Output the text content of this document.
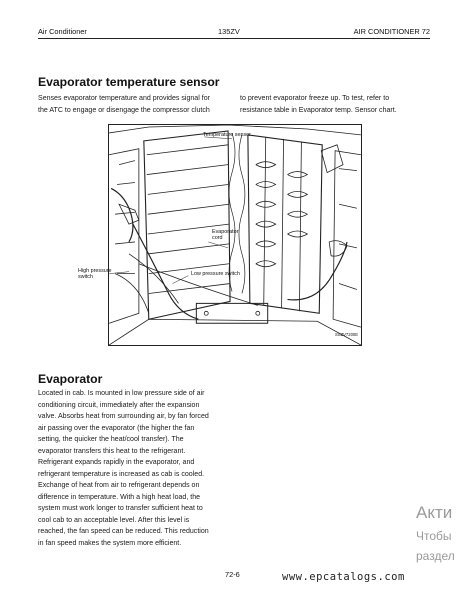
Air Conditioner	135ZV	AIR CONDITIONER 72
Evaporator temperature sensor
Senses evaporator temperature and provides signal for
the ATC to engage or disengage the compressor clutch
to prevent evaporator freeze up. To test, refer to
resistance table in Evaporator temp. Sensor chart.
Temperature sensor
Evaporator cord
High pressure switch	Low pressure switch
SSZV7200E
Evaporator
Located in cab. Is mounted in low pressure side of air
conditioning circuit, immediately after the expansion
valve. Absorbs heat from surrounding air, by fan forced
air passing over the evaporator (the higher the fan
setting, the quicker the heat/cool transfer). The
evaporator transfers this heat to the refrigerant.
Refrigerant expands rapidly in the evaporator, and
refrigerant temperature is increased as cab is cooled.
Exchange of heat from air to refrigerant depends on
difference in temperature. With a high heat load, the
system must work longer to transfer sufficient heat to
cool cab to an acceptable level. After this level is
reached, the fan speed can be reduced. This reduction
in fan speed makes the system more efficient.
Акти
Чтобы
раздел
72-6	www.epcatalogs.com
